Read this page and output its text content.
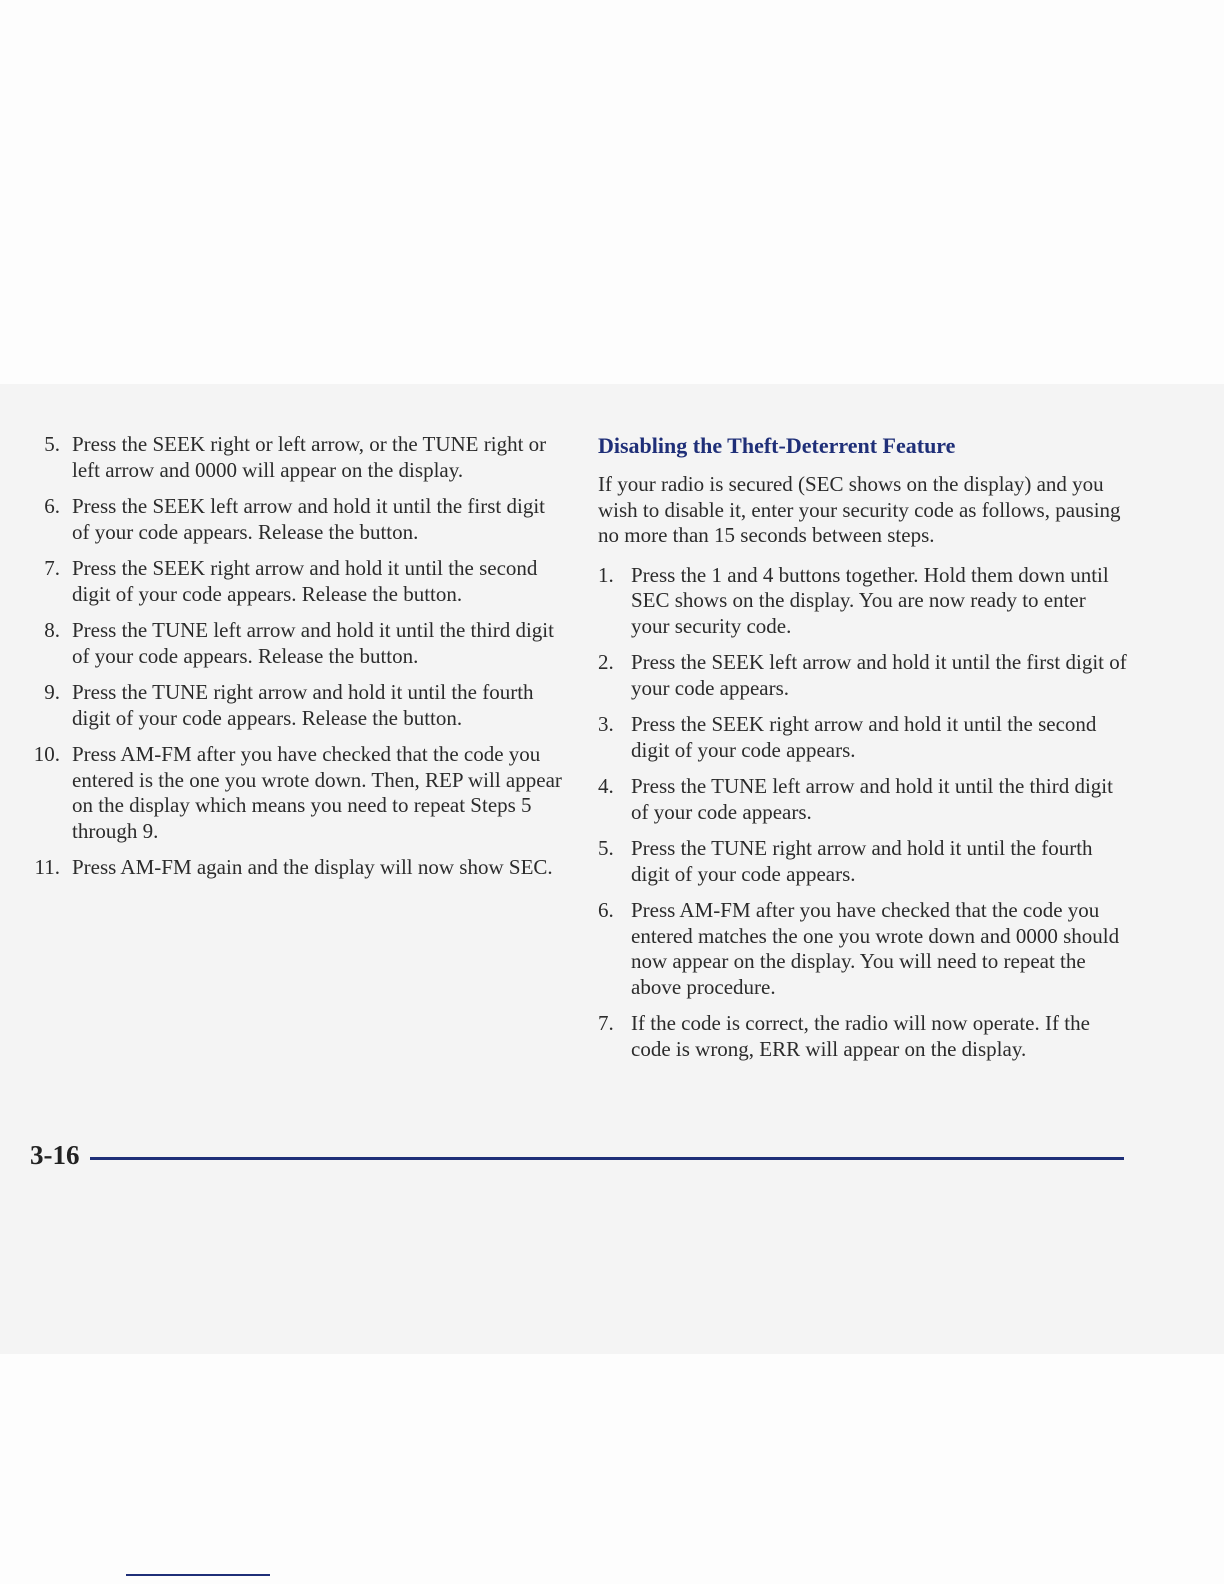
5. Press the SEEK right or left arrow, or the TUNE right or left arrow and 0000 will appear on the display.
6. Press the SEEK left arrow and hold it until the first digit of your code appears. Release the button.
7. Press the SEEK right arrow and hold it until the second digit of your code appears. Release the button.
8. Press the TUNE left arrow and hold it until the third digit of your code appears. Release the button.
9. Press the TUNE right arrow and hold it until the fourth digit of your code appears. Release the button.
10. Press AM-FM after you have checked that the code you entered is the one you wrote down. Then, REP will appear on the display which means you need to repeat Steps 5 through 9.
11. Press AM-FM again and the display will now show SEC.
Disabling the Theft-Deterrent Feature

If your radio is secured (SEC shows on the display) and you wish to disable it, enter your security code as follows, pausing no more than 15 seconds between steps.

1. Press the 1 and 4 buttons together. Hold them down until SEC shows on the display. You are now ready to enter your security code.
2. Press the SEEK left arrow and hold it until the first digit of your code appears.
3. Press the SEEK right arrow and hold it until the second digit of your code appears.
4. Press the TUNE left arrow and hold it until the third digit of your code appears.
5. Press the TUNE right arrow and hold it until the fourth digit of your code appears.
6. Press AM-FM after you have checked that the code you entered matches the one you wrote down and 0000 should now appear on the display. You will need to repeat the above procedure.
7. If the code is correct, the radio will now operate. If the code is wrong, ERR will appear on the display.
3-16
